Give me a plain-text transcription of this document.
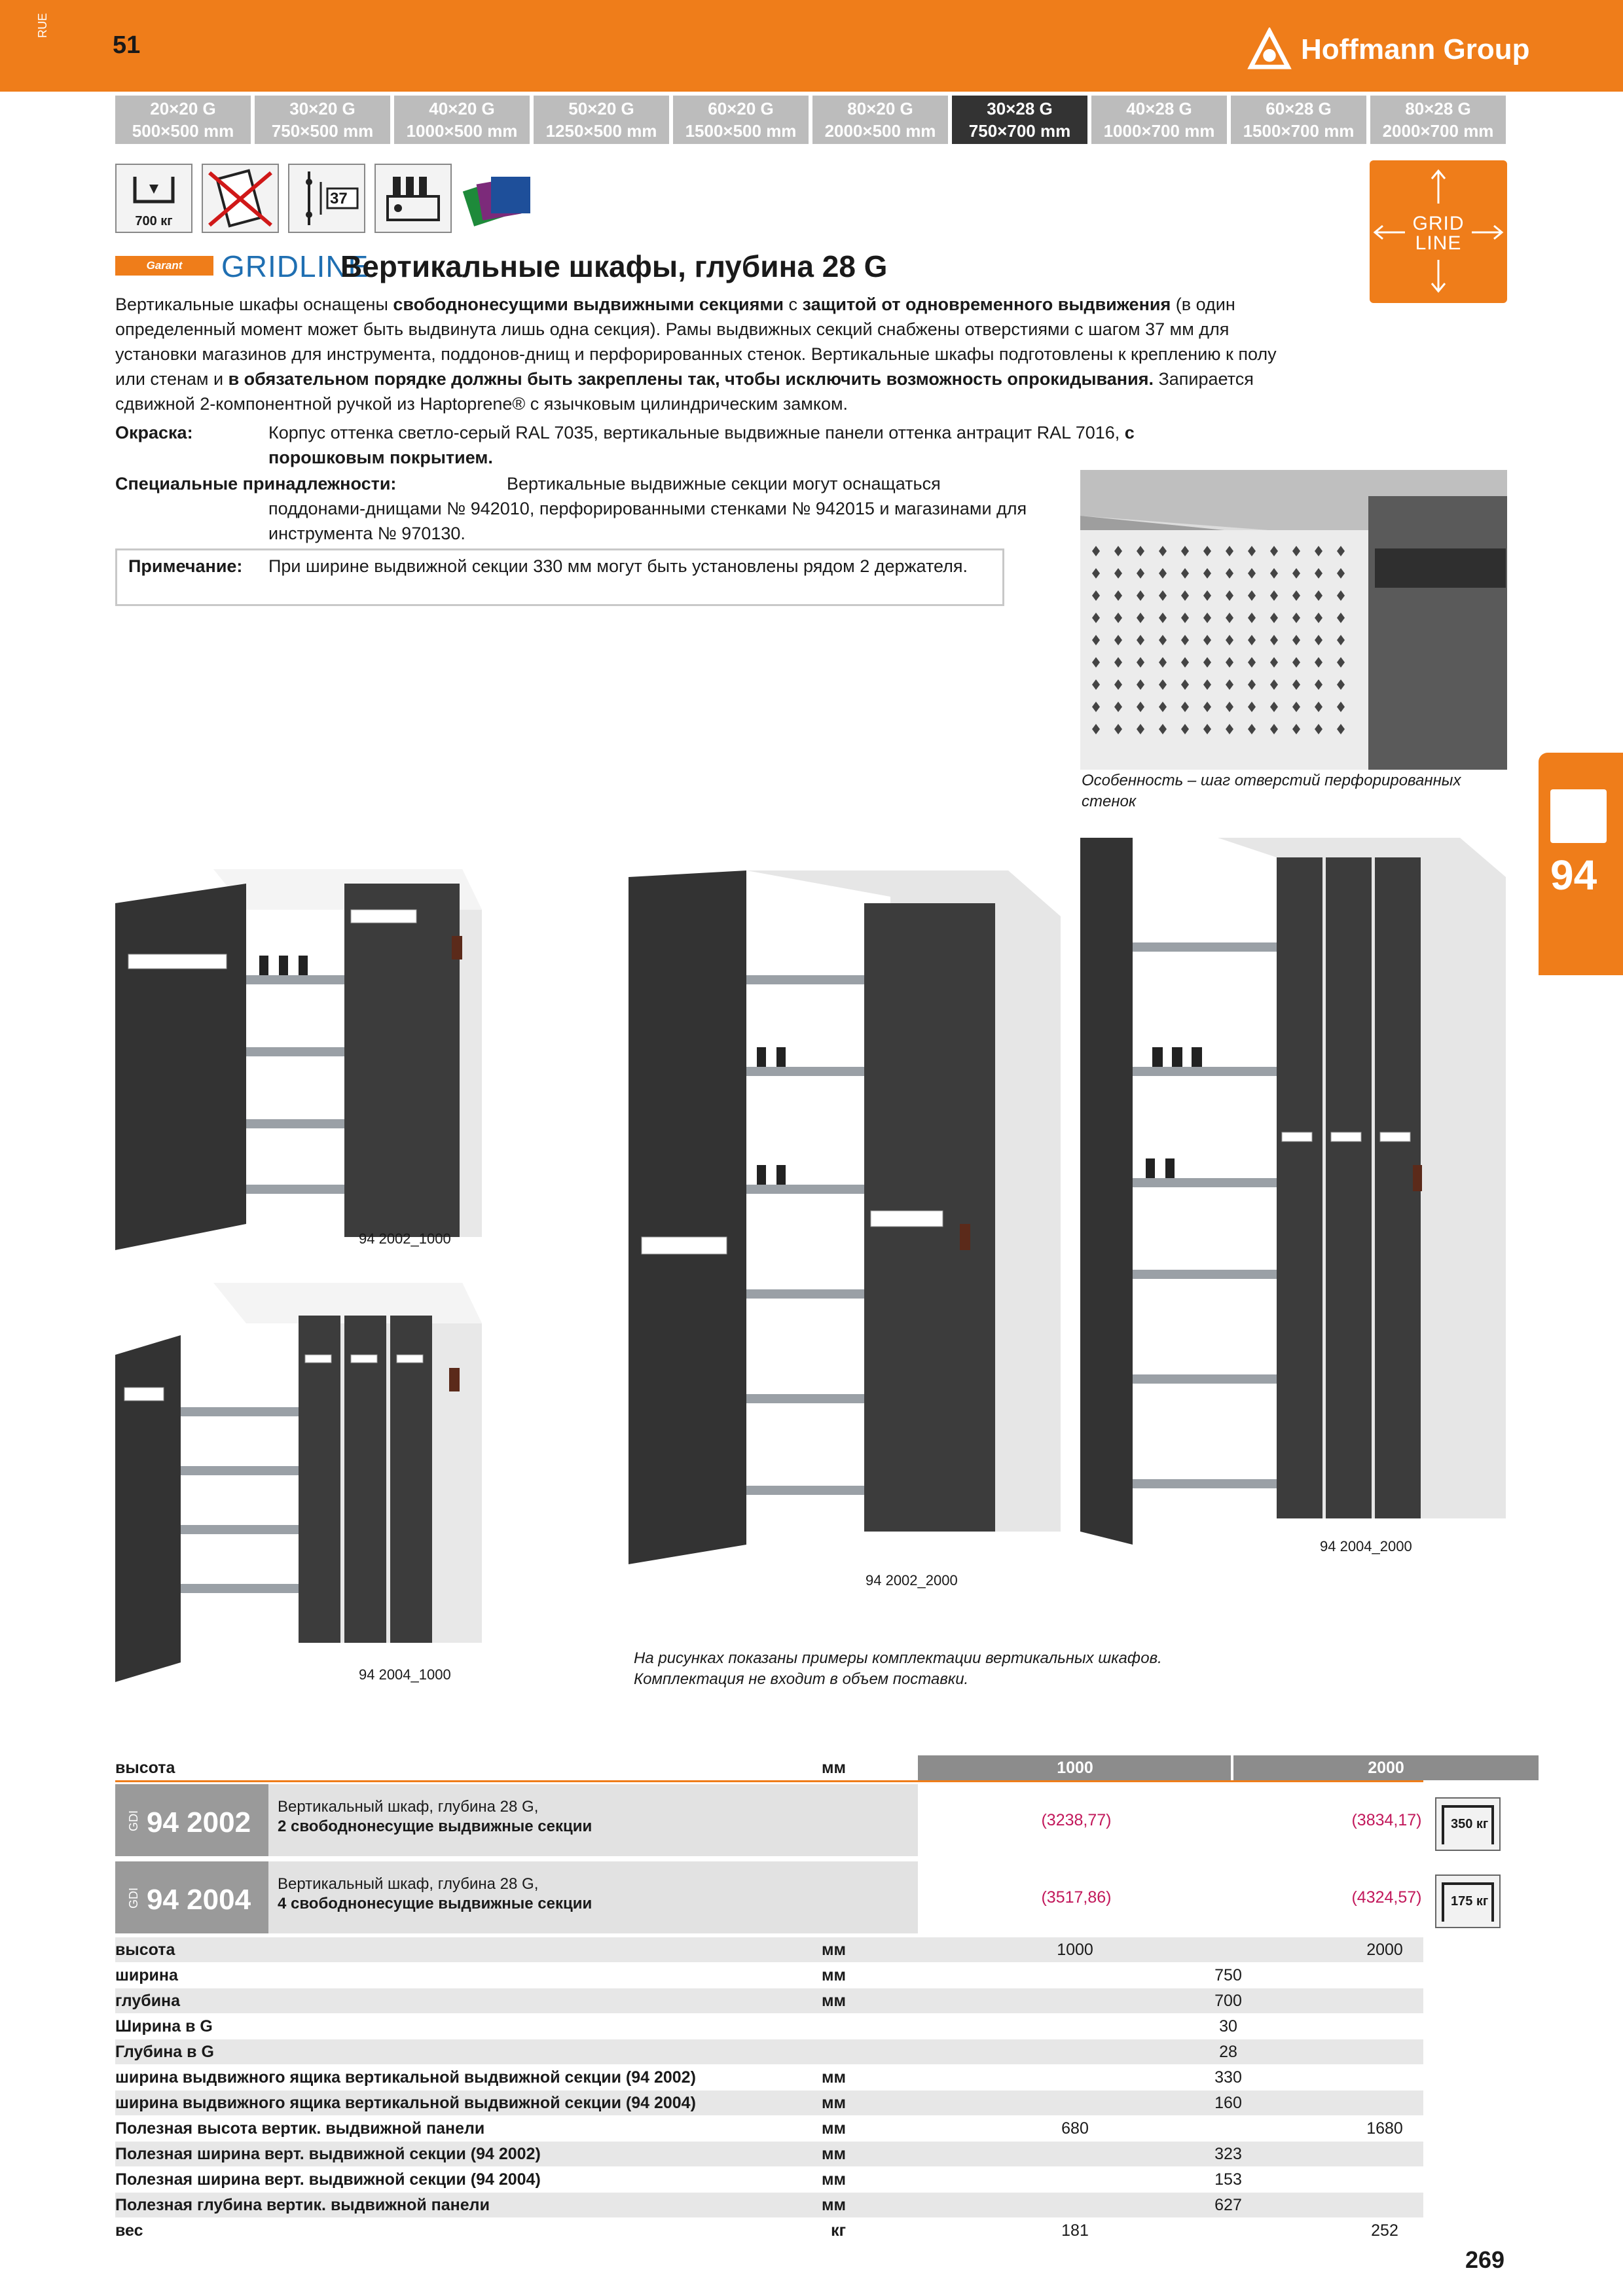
RUE
51	Hoffmann Group
20×20 G
500×500 mm
30×20 G
750×500 mm
40×20 G
1000×500 mm
50×20 G
1250×500 mm
60×20 G
1500×500 mm
80×20 G
2000×500 mm
30×28 G
750×700 mm
40×28 G
1000×700 mm
60×28 G
1500×700 mm
80×28 G
2000×700 mm
700 кг
37
GRID
LINE
Garant	GRIDLINE
Вертикальные шкафы, глубина 28 G
Вертикальные шкафы оснащены свободнонесущими выдвижными секциями с защитой от одновременного выдвижения (в один определенный момент может быть выдвинута лишь одна секция). Рамы выдвижных секций снабжены отверстиями с шагом 37 мм для установки магазинов для инструмента, поддонов-днищ и перфорированных стенок. Вертикальные шкафы подготовлены к креплению к полу или стенам и в обязательном порядке должны быть закреплены так, чтобы исключить возможность опрокидывания. Запирается сдвижной 2-компонентной ручкой из Haptoprene® с язычковым цилиндрическим замком.
Окраска:	Корпус оттенка светло-серый RAL 7035, вертикальные выдвижные панели оттенка антрацит RAL 7016, с порошковым покрытием.
Специальные принадлежности:	Вертикальные выдвижные секции могут оснащаться
поддонами-днищами № 942010, перфорированными стенками № 942015 и магазинами для инструмента № 970130.
Примечание: При ширине выдвижной секции 330 мм могут быть установлены рядом 2 держателя.
Особенность – шаг отверстий перфорированных стенок
94
94 2002_1000
94 2004_1000
94 2002_2000
94 2004_2000
На рисунках показаны примеры комплектации вертикальных шкафов. Комплектация не входит в объем поставки.
высота	мм	1000	2000
GDI 94 2002 Вертикальный шкаф, глубина 28 G,
2 свободнонесущие выдвижные секции	(3238,77)	(3834,17)	350 кг
GDI 94 2004 Вертикальный шкаф, глубина 28 G,
4 свободнонесущие выдвижные секции	(3517,86)	(4324,57)	175 кг
высота	мм	1000	2000
ширина	мм	750
глубина	мм	700
Ширина в G	30
Глубина в G	28
ширина выдвижного ящика вертикальной выдвижной секции (94 2002)	мм	330
ширина выдвижного ящика вертикальной выдвижной секции (94 2004)	мм	160
Полезная высота вертик. выдвижной панели	мм	680	1680
Полезная ширина верт. выдвижной секции (94 2002)	мм	323
Полезная ширина верт. выдвижной секции (94 2004)	мм	153
Полезная глубина вертик. выдвижной панели	мм	627
вес	кг	181	252
269
